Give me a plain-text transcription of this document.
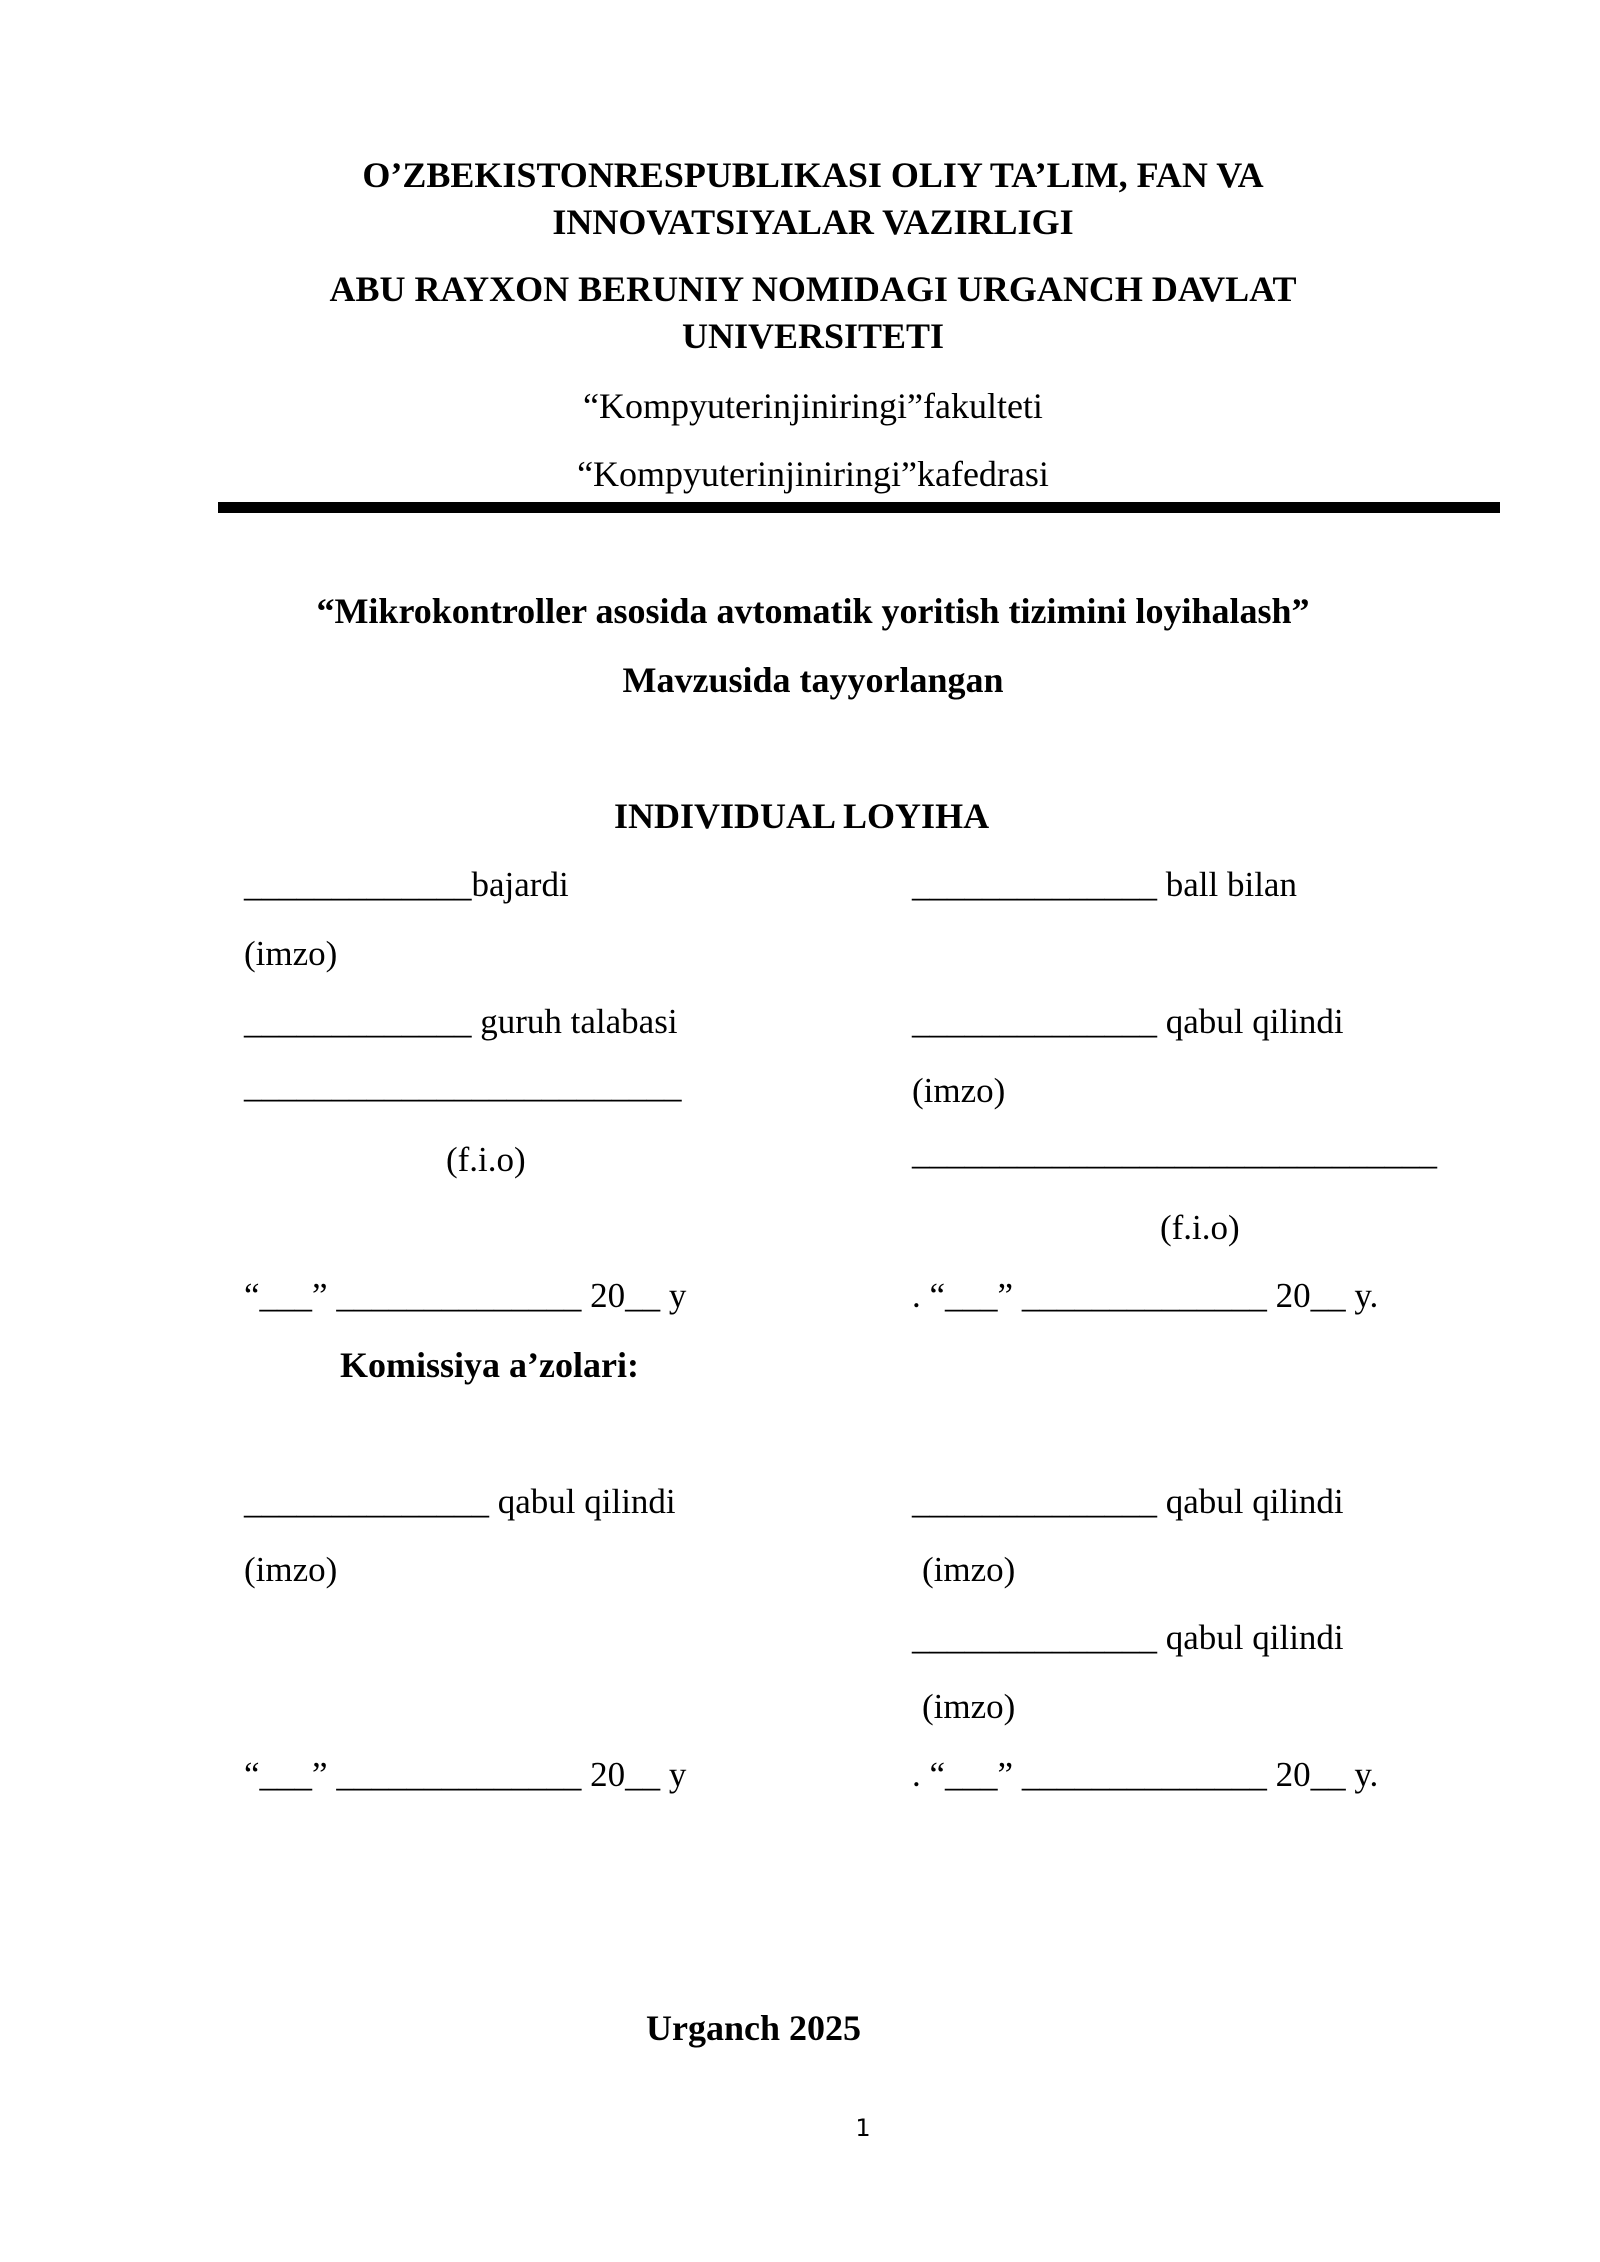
O’ZBEKISTONRESPUBLIKASI OLIY TA’LIM, FAN VA
INNOVATSIYALAR VAZIRLIGI
ABU RAYXON BERUNIY NOMIDAGI URGANCH DAVLAT
UNIVERSITETI
“Kompyuterinjiniringi”fakulteti
“Kompyuterinjiniringi”kafedrasi
“Mikrokontroller asosida avtomatik yoritish tizimini loyihalash”
Mavzusida tayyorlangan
INDIVIDUAL LOYIHA
_____________bajardi
(imzo)
_____________ guruh talabasi
_________________________
(f.i.o)
“___” ______________ 20__ y
______________ ball bilan
______________ qabul qilindi
(imzo)
______________________________
(f.i.o)
. “___” ______________ 20__ y.
Komissiya a’zolari:
______________ qabul qilindi
(imzo)
______________ qabul qilindi
(imzo)
______________ qabul qilindi
(imzo)
“___” ______________ 20__ y	. “___” ______________ 20__ y.
Urganch 2025
1
